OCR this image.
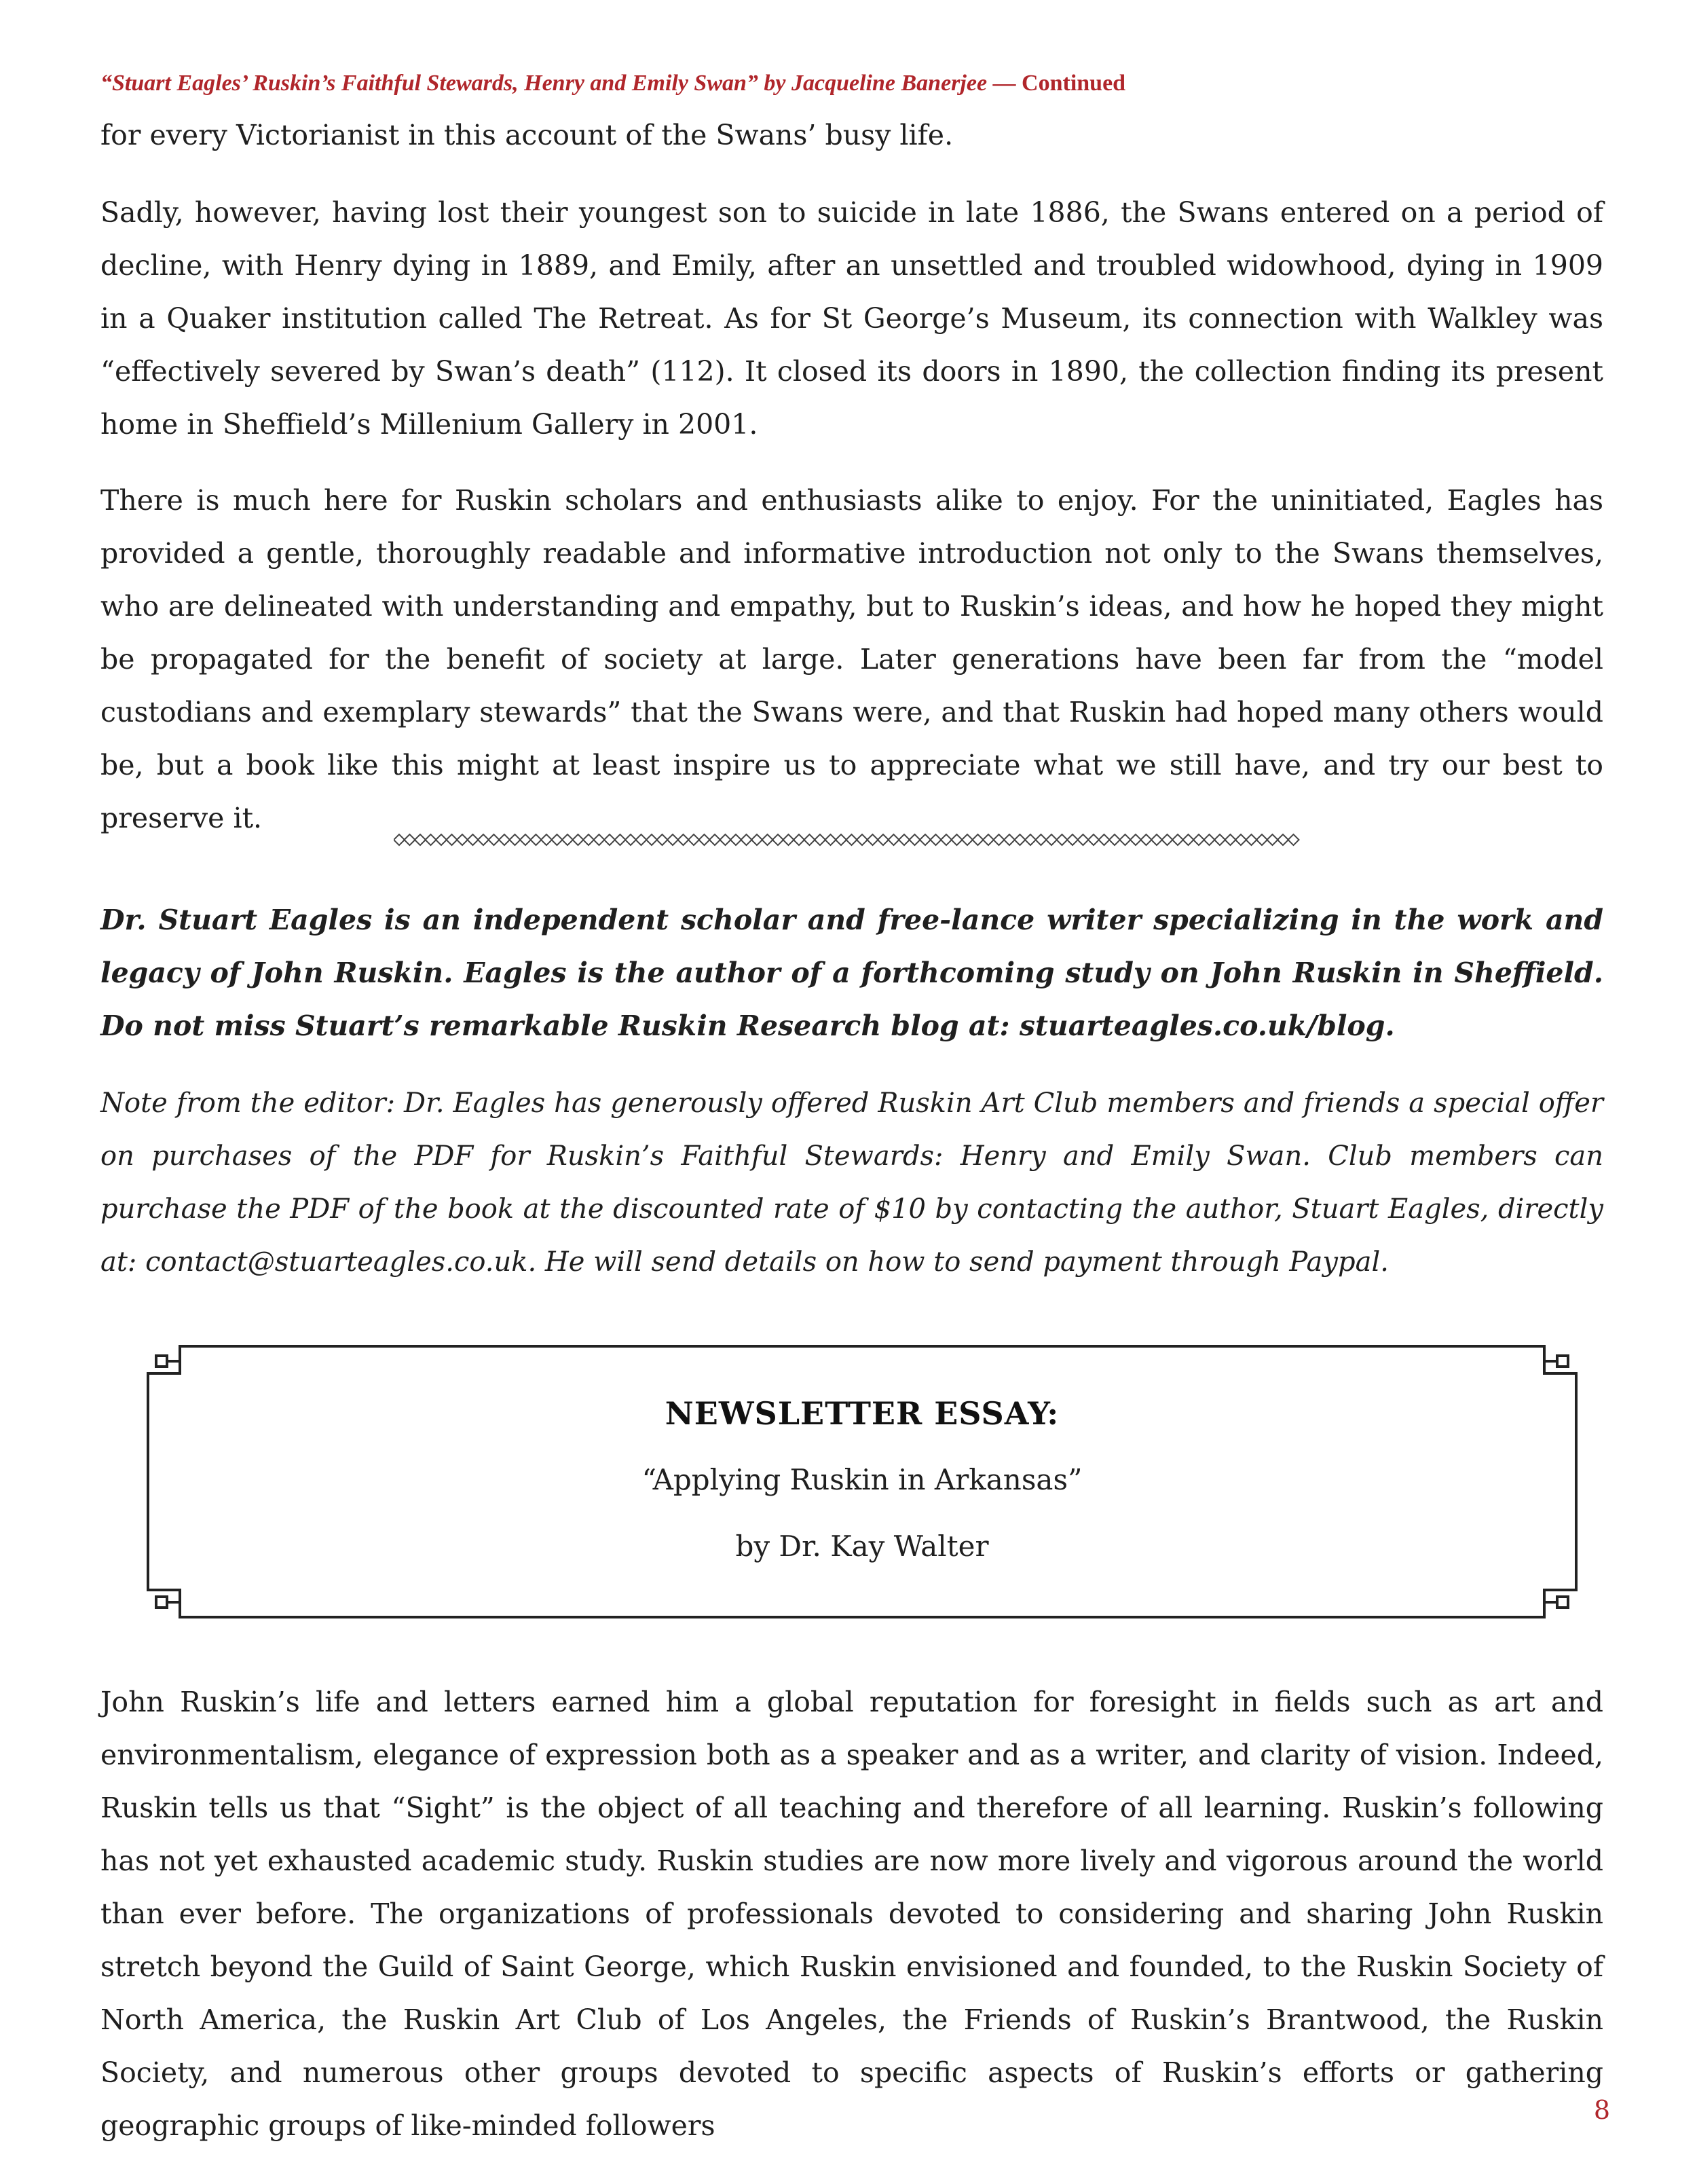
“Stuart Eagles’ Ruskin’s Faithful Stewards, Henry and Emily Swan” by Jacqueline Banerjee — Continued

for every Victorianist in this account of the Swans’ busy life.

Sadly, however, having lost their youngest son to suicide in late 1886, the Swans entered on a period of decline, with Henry dying in 1889, and Emily, after an unsettled and troubled widowhood, dying in 1909 in a Quaker institution called The Retreat. As for St George’s Museum, its connection with Walkley was “effectively severed by Swan’s death” (112). It closed its doors in 1890, the collection finding its present home in Sheffield’s Millenium Gallery in 2001.

There is much here for Ruskin scholars and enthusiasts alike to enjoy. For the uninitiated, Eagles has provided a gentle, thoroughly readable and informative introduction not only to the Swans themselves, who are delineated with understanding and empathy, but to Ruskin’s ideas, and how he hoped they might be propagated for the benefit of society at large. Later generations have been far from the “model custodians and exemplary stewards” that the Swans were, and that Ruskin had hoped many others would be, but a book like this might at least inspire us to appreciate what we still have, and try our best to preserve it.

Dr. Stuart Eagles is an independent scholar and free-lance writer specializing in the work and legacy of John Ruskin. Eagles is the author of a forthcoming study on John Ruskin in Sheffield. Do not miss Stuart’s remarkable Ruskin Research blog at: stuarteagles.co.uk/blog.

Note from the editor: Dr. Eagles has generously offered Ruskin Art Club members and friends a special offer on purchases of the PDF for Ruskin’s Faithful Stewards: Henry and Emily Swan. Club members can purchase the PDF of the book at the discounted rate of $10 by contacting the author, Stuart Eagles, directly at: contact@stuarteagles.co.uk. He will send details on how to send payment through Paypal.

NEWSLETTER ESSAY:
“Applying Ruskin in Arkansas”
by Dr. Kay Walter

John Ruskin’s life and letters earned him a global reputation for foresight in fields such as art and environmentalism, elegance of expression both as a speaker and as a writer, and clarity of vision. Indeed, Ruskin tells us that “Sight” is the object of all teaching and therefore of all learning. Ruskin’s following has not yet exhausted academic study. Ruskin studies are now more lively and vigorous around the world than ever before. The organizations of professionals devoted to considering and sharing John Ruskin stretch beyond the Guild of Saint George, which Ruskin envisioned and founded, to the Ruskin Society of North America, the Ruskin Art Club of Los Angeles, the Friends of Ruskin’s Brantwood, the Ruskin Society, and numerous other groups devoted to specific aspects of Ruskin’s efforts or gathering geographic groups of like-minded followers	8
